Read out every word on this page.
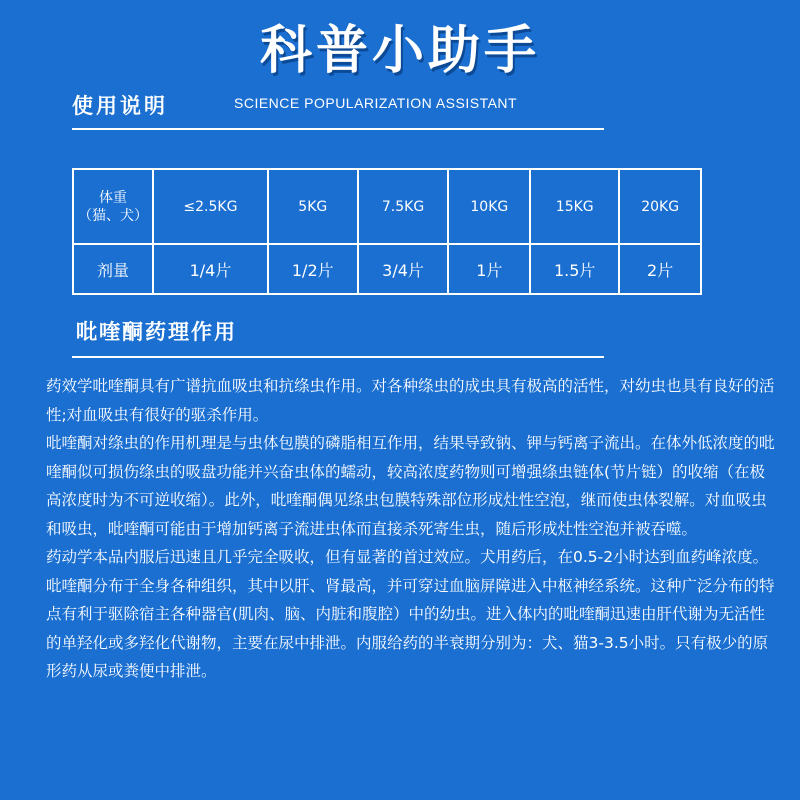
科普小助手
使用说明	SCIENCE POPULARIZATION ASSISTANT
体重
（猫、犬）	≤2.5KG	5KG	7.5KG	10KG	15KG	20KG
剂量	1/4片	1/2片	3/4片	1片	1.5片	2片
吡喹酮药理作用

药效学吡喹酮具有广谱抗血吸虫和抗绦虫作用。对各种绦虫的成虫具有极高的活性，对幼虫也具有良好的活性;对血吸虫有很好的驱杀作用。

吡喹酮对绦虫的作用机理是与虫体包膜的磷脂相互作用，结果导致钠、钾与钙离子流出。在体外低浓度的吡喹酮似可损伤绦虫的吸盘功能并兴奋虫体的蠕动，较高浓度药物则可增强绦虫链体(节片链）的收缩（在极高浓度时为不可逆收缩）。此外，吡喹酮偶见绦虫包膜特殊部位形成灶性空泡，继而使虫体裂解。对血吸虫和吸虫，吡喹酮可能由于增加钙离子流进虫体而直接杀死寄生虫，随后形成灶性空泡并被吞噬。

药动学本品内服后迅速且几乎完全吸收，但有显著的首过效应。犬用药后，在0.5-2小时达到血药峰浓度。吡喹酮分布于全身各种组织，其中以肝、肾最高，并可穿过血脑屏障进入中枢神经系统。这种广泛分布的特点有利于驱除宿主各种器官(肌肉、脑、内脏和腹腔）中的幼虫。进入体内的吡喹酮迅速由肝代谢为无活性的单羟化或多羟化代谢物，主要在尿中排泄。内服给药的半衰期分别为：犬、猫3-3.5小时。只有极少的原形药从尿或粪便中排泄。
